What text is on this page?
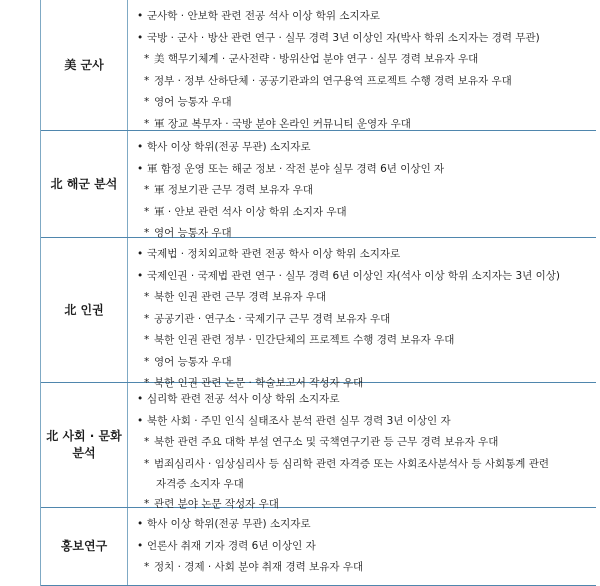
美 군사
• 군사학 · 안보학 관련 전공 석사 이상 학위 소지자로
• 국방 · 군사 · 방산 관련 연구 · 실무 경력 3년 이상인 자(박사 학위 소지자는 경력 무관)
* 美 핵무기체계 · 군사전략 · 방위산업 분야 연구 · 실무 경력 보유자 우대
* 정부 · 정부 산하단체 · 공공기관과의 연구용역 프로젝트 수행 경력 보유자 우대
* 영어 능통자 우대
* 軍 장교 복무자 · 국방 분야 온라인 커뮤니티 운영자 우대
北 해군 분석
• 학사 이상 학위(전공 무관) 소지자로
• 軍 함정 운영 또는 해군 정보 · 작전 분야 실무 경력 6년 이상인 자
* 軍 정보기관 근무 경력 보유자 우대
* 軍 · 안보 관련 석사 이상 학위 소지자 우대
* 영어 능통자 우대
北 인권
• 국제법 · 정치외교학 관련 전공 학사 이상 학위 소지자로
• 국제인권 · 국제법 관련 연구 · 실무 경력 6년 이상인 자(석사 이상 학위 소지자는 3년 이상)
* 북한 인권 관련 근무 경력 보유자 우대
* 공공기관 · 연구소 · 국제기구 근무 경력 보유자 우대
* 북한 인권 관련 정부 · 민간단체의 프로젝트 수행 경력 보유자 우대
* 영어 능통자 우대
* 북한 인권 관련 논문 · 학술보고서 작성자 우대
北 사회 · 문화
분석
• 심리학 관련 전공 석사 이상 학위 소지자로
• 북한 사회 · 주민 인식 실태조사 분석 관련 실무 경력 3년 이상인 자
* 북한 관련 주요 대학 부설 연구소 및 국책연구기관 등 근무 경력 보유자 우대
* 범죄심리사 · 임상심리사 등 심리학 관련 자격증 또는 사회조사분석사 등 사회통계 관련
자격증 소지자 우대
* 관련 분야 논문 작성자 우대
홍보연구
• 학사 이상 학위(전공 무관) 소지자로
• 언론사 취재 기자 경력 6년 이상인 자
* 정치 · 경제 · 사회 분야 취재 경력 보유자 우대
